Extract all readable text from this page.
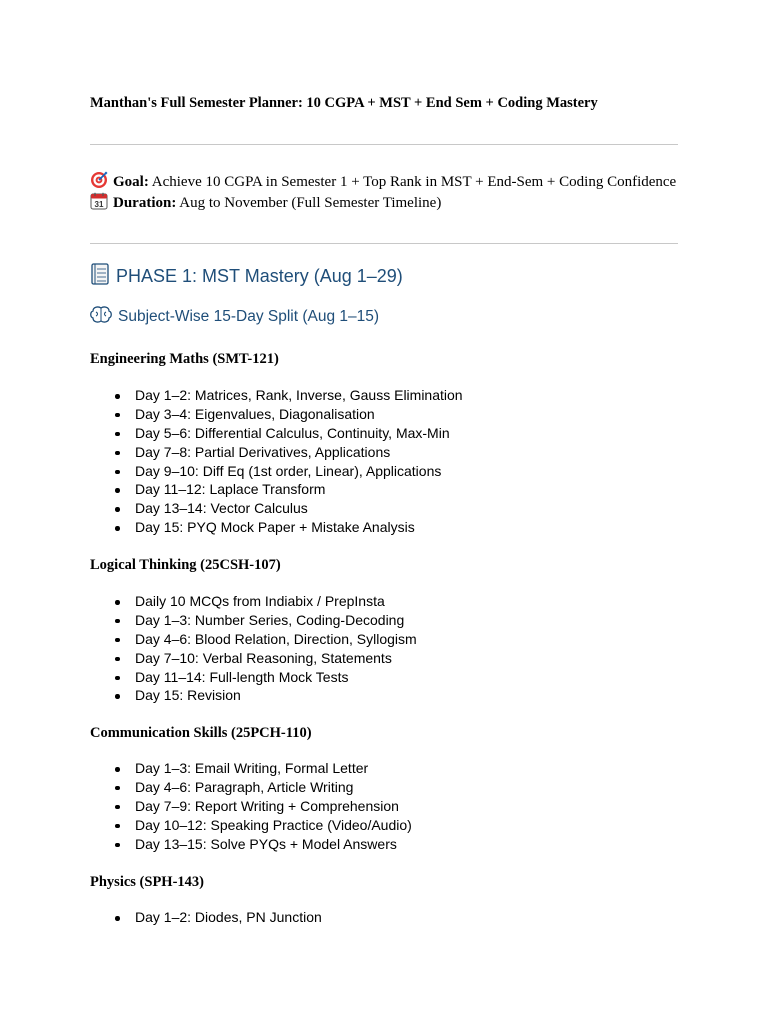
Manthan's Full Semester Planner: 10 CGPA + MST + End Sem + Coding Mastery
Goal: Achieve 10 CGPA in Semester 1 + Top Rank in MST + End-Sem + Coding Confidence
31 Duration: Aug to November (Full Semester Timeline)
PHASE 1: MST Mastery (Aug 1–29)
Subject-Wise 15-Day Split (Aug 1–15)
Engineering Maths (SMT-121)
Day 1–2: Matrices, Rank, Inverse, Gauss Elimination
Day 3–4: Eigenvalues, Diagonalisation
Day 5–6: Differential Calculus, Continuity, Max-Min
Day 7–8: Partial Derivatives, Applications
Day 9–10: Diff Eq (1st order, Linear), Applications
Day 11–12: Laplace Transform
Day 13–14: Vector Calculus
Day 15: PYQ Mock Paper + Mistake Analysis
Logical Thinking (25CSH-107)
Daily 10 MCQs from Indiabix / PrepInsta
Day 1–3: Number Series, Coding-Decoding
Day 4–6: Blood Relation, Direction, Syllogism
Day 7–10: Verbal Reasoning, Statements
Day 11–14: Full-length Mock Tests
Day 15: Revision
Communication Skills (25PCH-110)
Day 1–3: Email Writing, Formal Letter
Day 4–6: Paragraph, Article Writing
Day 7–9: Report Writing + Comprehension
Day 10–12: Speaking Practice (Video/Audio)
Day 13–15: Solve PYQs + Model Answers
Physics (SPH-143)
Day 1–2: Diodes, PN Junction
